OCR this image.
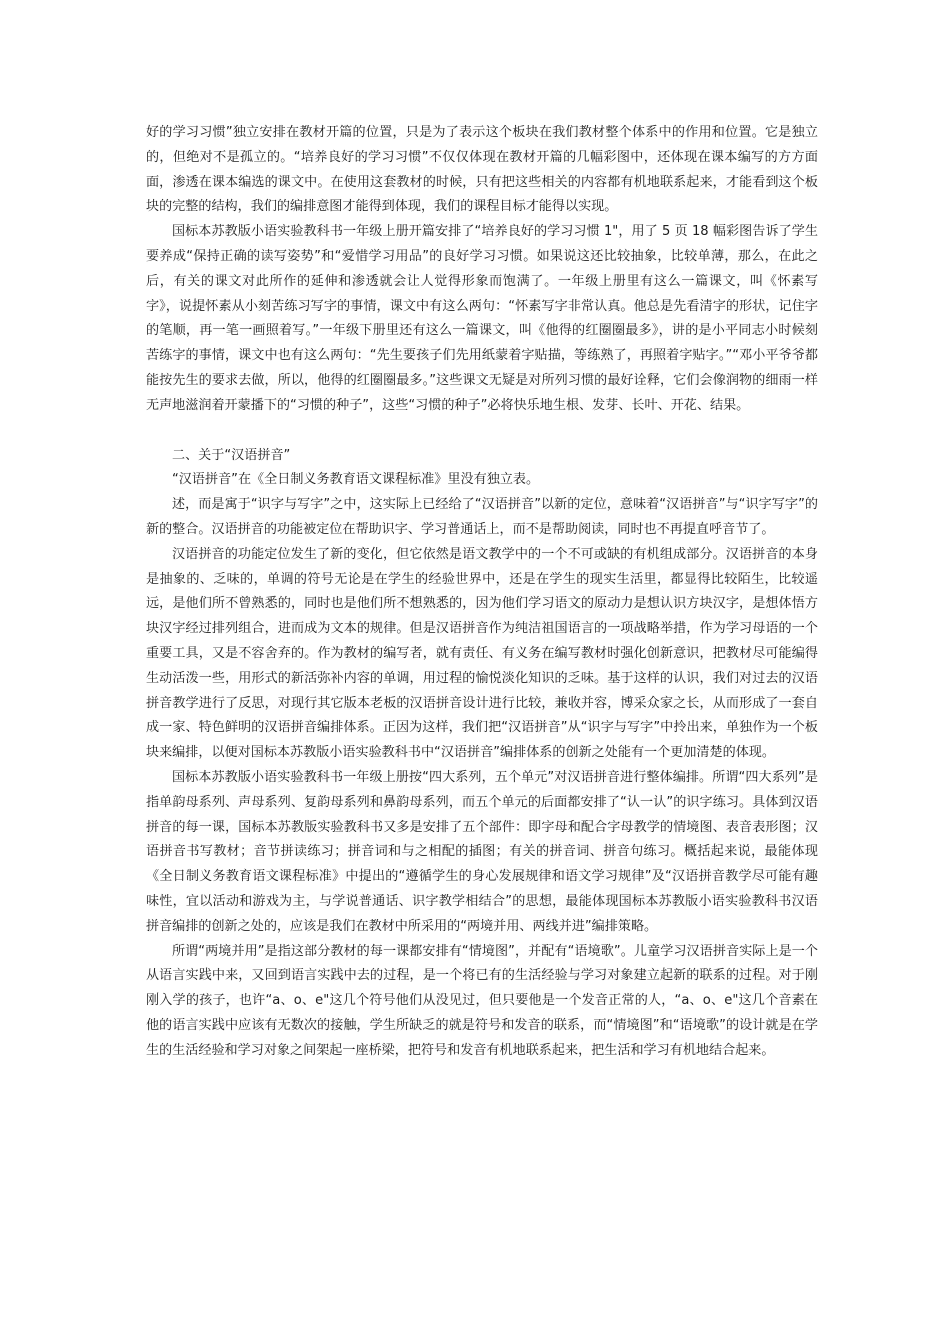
好的学习习惯”独立安排在教材开篇的位置，只是为了表示这个板块在我们教材整个体系中的作用和位置。它是独立的，但绝对不是孤立的。“培养良好的学习习惯”不仅仅体现在教材开篇的几幅彩图中，还体现在课本编写的方方面面，渗透在课本编选的课文中。在使用这套教材的时候，只有把这些相关的内容都有机地联系起来，才能看到这个板块的完整的结构，我们的编排意图才能得到体现，我们的课程目标才能得以实现。

国标本苏教版小语实验教科书一年级上册开篇安排了“培养良好的学习习惯 1"，用了 5 页 18 幅彩图告诉了学生要养成“保持正确的读写姿势”和“爱惜学习用品”的良好学习习惯。如果说这还比较抽象，比较单薄，那么，在此之后，有关的课文对此所作的延伸和渗透就会让人觉得形象而饱满了。一年级上册里有这么一篇课文，叫《怀素写字》，说提怀素从小刻苦练习写字的事情，课文中有这么两句：“怀素写字非常认真。他总是先看清字的形状，记住字的笔顺，再一笔一画照着写。”一年级下册里还有这么一篇课文，叫《他得的红圈圈最多》，讲的是小平同志小时候刻苦练字的事情，课文中也有这么两句：“先生要孩子们先用纸蒙着字贴描，等练熟了，再照着字贴字。”“邓小平爷爷都能按先生的要求去做，所以，他得的红圈圈最多。”这些课文无疑是对所列习惯的最好诠释，它们会像润物的细雨一样无声地滋润着开蒙播下的“习惯的种子”，这些“习惯的种子”必将快乐地生根、发芽、长叶、开花、结果。

二、关于“汉语拼音”

“汉语拼音”在《全日制义务教育语文课程标准》里没有独立表。

述，而是寓于“识字与写字”之中，这实际上已经给了“汉语拼音”以新的定位，意味着“汉语拼音”与“识字写字”的新的整合。汉语拼音的功能被定位在帮助识字、学习普通话上，而不是帮助阅读，同时也不再提直呼音节了。

汉语拼音的功能定位发生了新的变化，但它依然是语文教学中的一个不可或缺的有机组成部分。汉语拼音的本身是抽象的、乏味的，单调的符号无论是在学生的经验世界中，还是在学生的现实生活里，都显得比较陌生，比较遥远，是他们所不曾熟悉的，同时也是他们所不想熟悉的，因为他们学习语文的原动力是想认识方块汉字，是想体悟方块汉字经过排列组合，进而成为文本的规律。但是汉语拼音作为纯洁祖国语言的一项战略举措，作为学习母语的一个重要工具，又是不容舍弃的。作为教材的编写者，就有责任、有义务在编写教材时强化创新意识，把教材尽可能编得生动活泼一些，用形式的新活弥补内容的单调，用过程的愉悦淡化知识的乏味。基于这样的认识，我们对过去的汉语拼音教学进行了反思，对现行其它版本老板的汉语拼音设计进行比较，兼收并容，博采众家之长，从而形成了一套自成一家、特色鲜明的汉语拼音编排体系。正因为这样，我们把“汉语拼音”从“识字与写字”中拎出来，单独作为一个板块来编排，以便对国标本苏教版小语实验教科书中“汉语拼音”编排体系的创新之处能有一个更加清楚的体现。

国标本苏教版小语实验教科书一年级上册按“四大系列，五个单元”对汉语拼音进行整体编排。所谓“四大系列”是指单韵母系列、声母系列、复韵母系列和鼻韵母系列，而五个单元的后面都安排了“认一认”的识字练习。具体到汉语拼音的每一课，国标本苏教版实验教科书又多是安排了五个部件：即字母和配合字母教学的情境图、表音表形图；汉语拼音书写教材；音节拼读练习；拼音词和与之相配的插图；有关的拼音词、拼音句练习。概括起来说，最能体现《全日制义务教育语文课程标准》中提出的“遵循学生的身心发展规律和语文学习规律”及“汉语拼音教学尽可能有趣味性，宜以活动和游戏为主，与学说普通话、识字教学相结合”的思想，最能体现国标本苏教版小语实验教科书汉语拼音编排的创新之处的，应该是我们在教材中所采用的“两境并用、两线并进”编排策略。

所谓“两境并用”是指这部分教材的每一课都安排有“情境图”，并配有“语境歌”。儿童学习汉语拼音实际上是一个从语言实践中来，又回到语言实践中去的过程，是一个将已有的生活经验与学习对象建立起新的联系的过程。对于刚刚入学的孩子，也许“a、o、e"这几个符号他们从没见过，但只要他是一个发音正常的人，“a、o、e"这几个音素在他的语言实践中应该有无数次的接触，学生所缺乏的就是符号和发音的联系，而“情境图”和“语境歌”的设计就是在学生的生活经验和学习对象之间架起一座桥梁，把符号和发音有机地联系起来，把生活和学习有机地结合起来。
